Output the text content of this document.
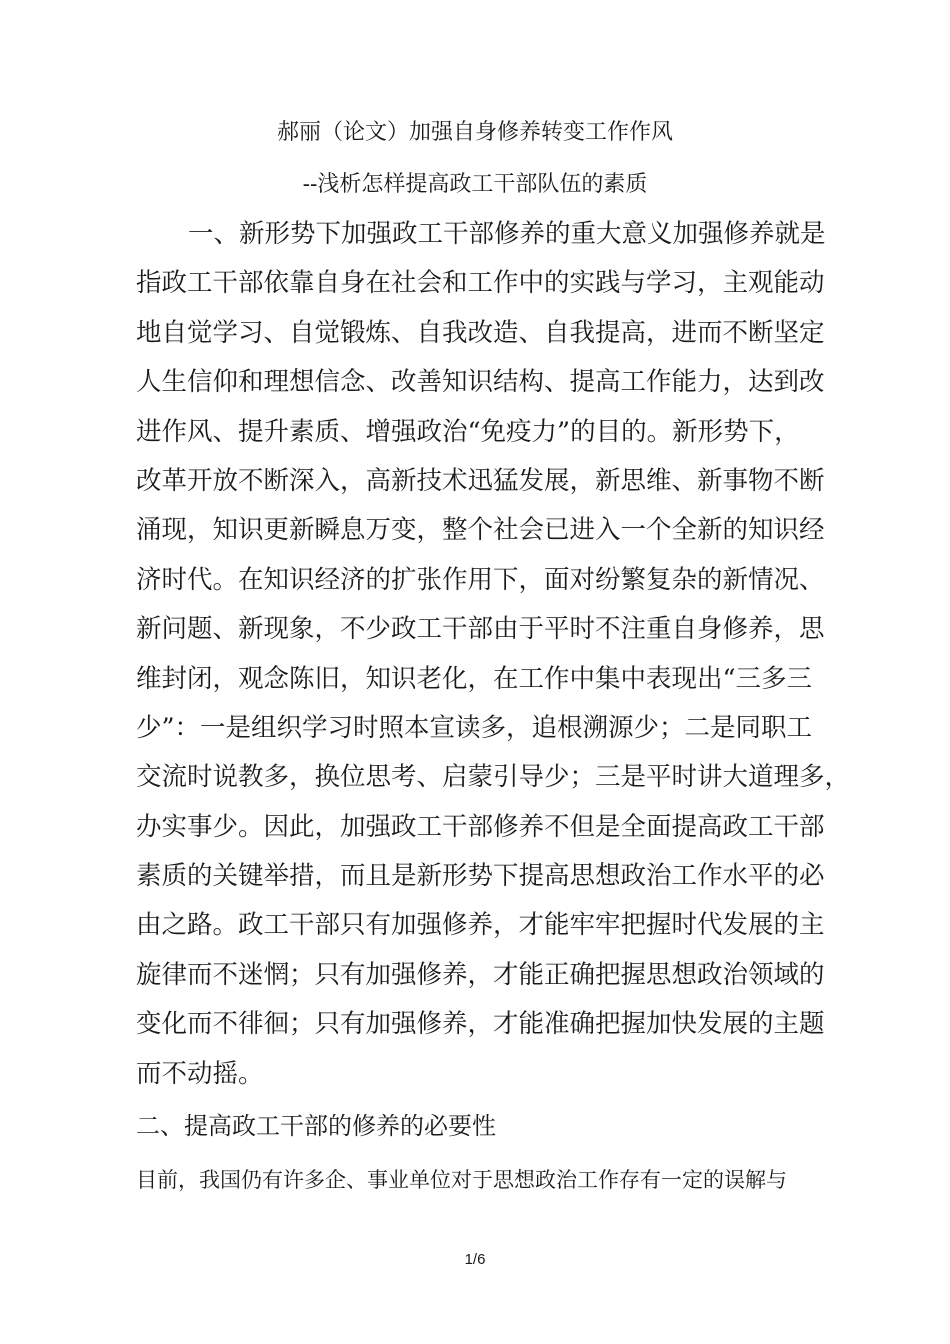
郝丽（论文）加强自身修养转变工作作风
--浅析怎样提高政工干部队伍的素质
一、新形势下加强政工干部修养的重大意义加强修养就是
指政工干部依靠自身在社会和工作中的实践与学习，主观能动
地自觉学习、自觉锻炼、自我改造、自我提高，进而不断坚定
人生信仰和理想信念、改善知识结构、提高工作能力，达到改
进作风、提升素质、增强政治“免疫力”的目的。新形势下，
改革开放不断深入，高新技术迅猛发展，新思维、新事物不断
涌现，知识更新瞬息万变，整个社会已进入一个全新的知识经
济时代。在知识经济的扩张作用下，面对纷繁复杂的新情况、
新问题、新现象，不少政工干部由于平时不注重自身修养，思
维封闭，观念陈旧，知识老化，在工作中集中表现出“三多三
少”：一是组织学习时照本宣读多，追根溯源少；二是同职工
交流时说教多，换位思考、启蒙引导少；三是平时讲大道理多，
办实事少。因此，加强政工干部修养不但是全面提高政工干部
素质的关键举措，而且是新形势下提高思想政治工作水平的必
由之路。政工干部只有加强修养，才能牢牢把握时代发展的主
旋律而不迷惘；只有加强修养，才能正确把握思想政治领域的
变化而不徘徊；只有加强修养，才能准确把握加快发展的主题
而不动摇。
二、提高政工干部的修养的必要性
目前，我国仍有许多企、事业单位对于思想政治工作存有一定的误解与
1/6
